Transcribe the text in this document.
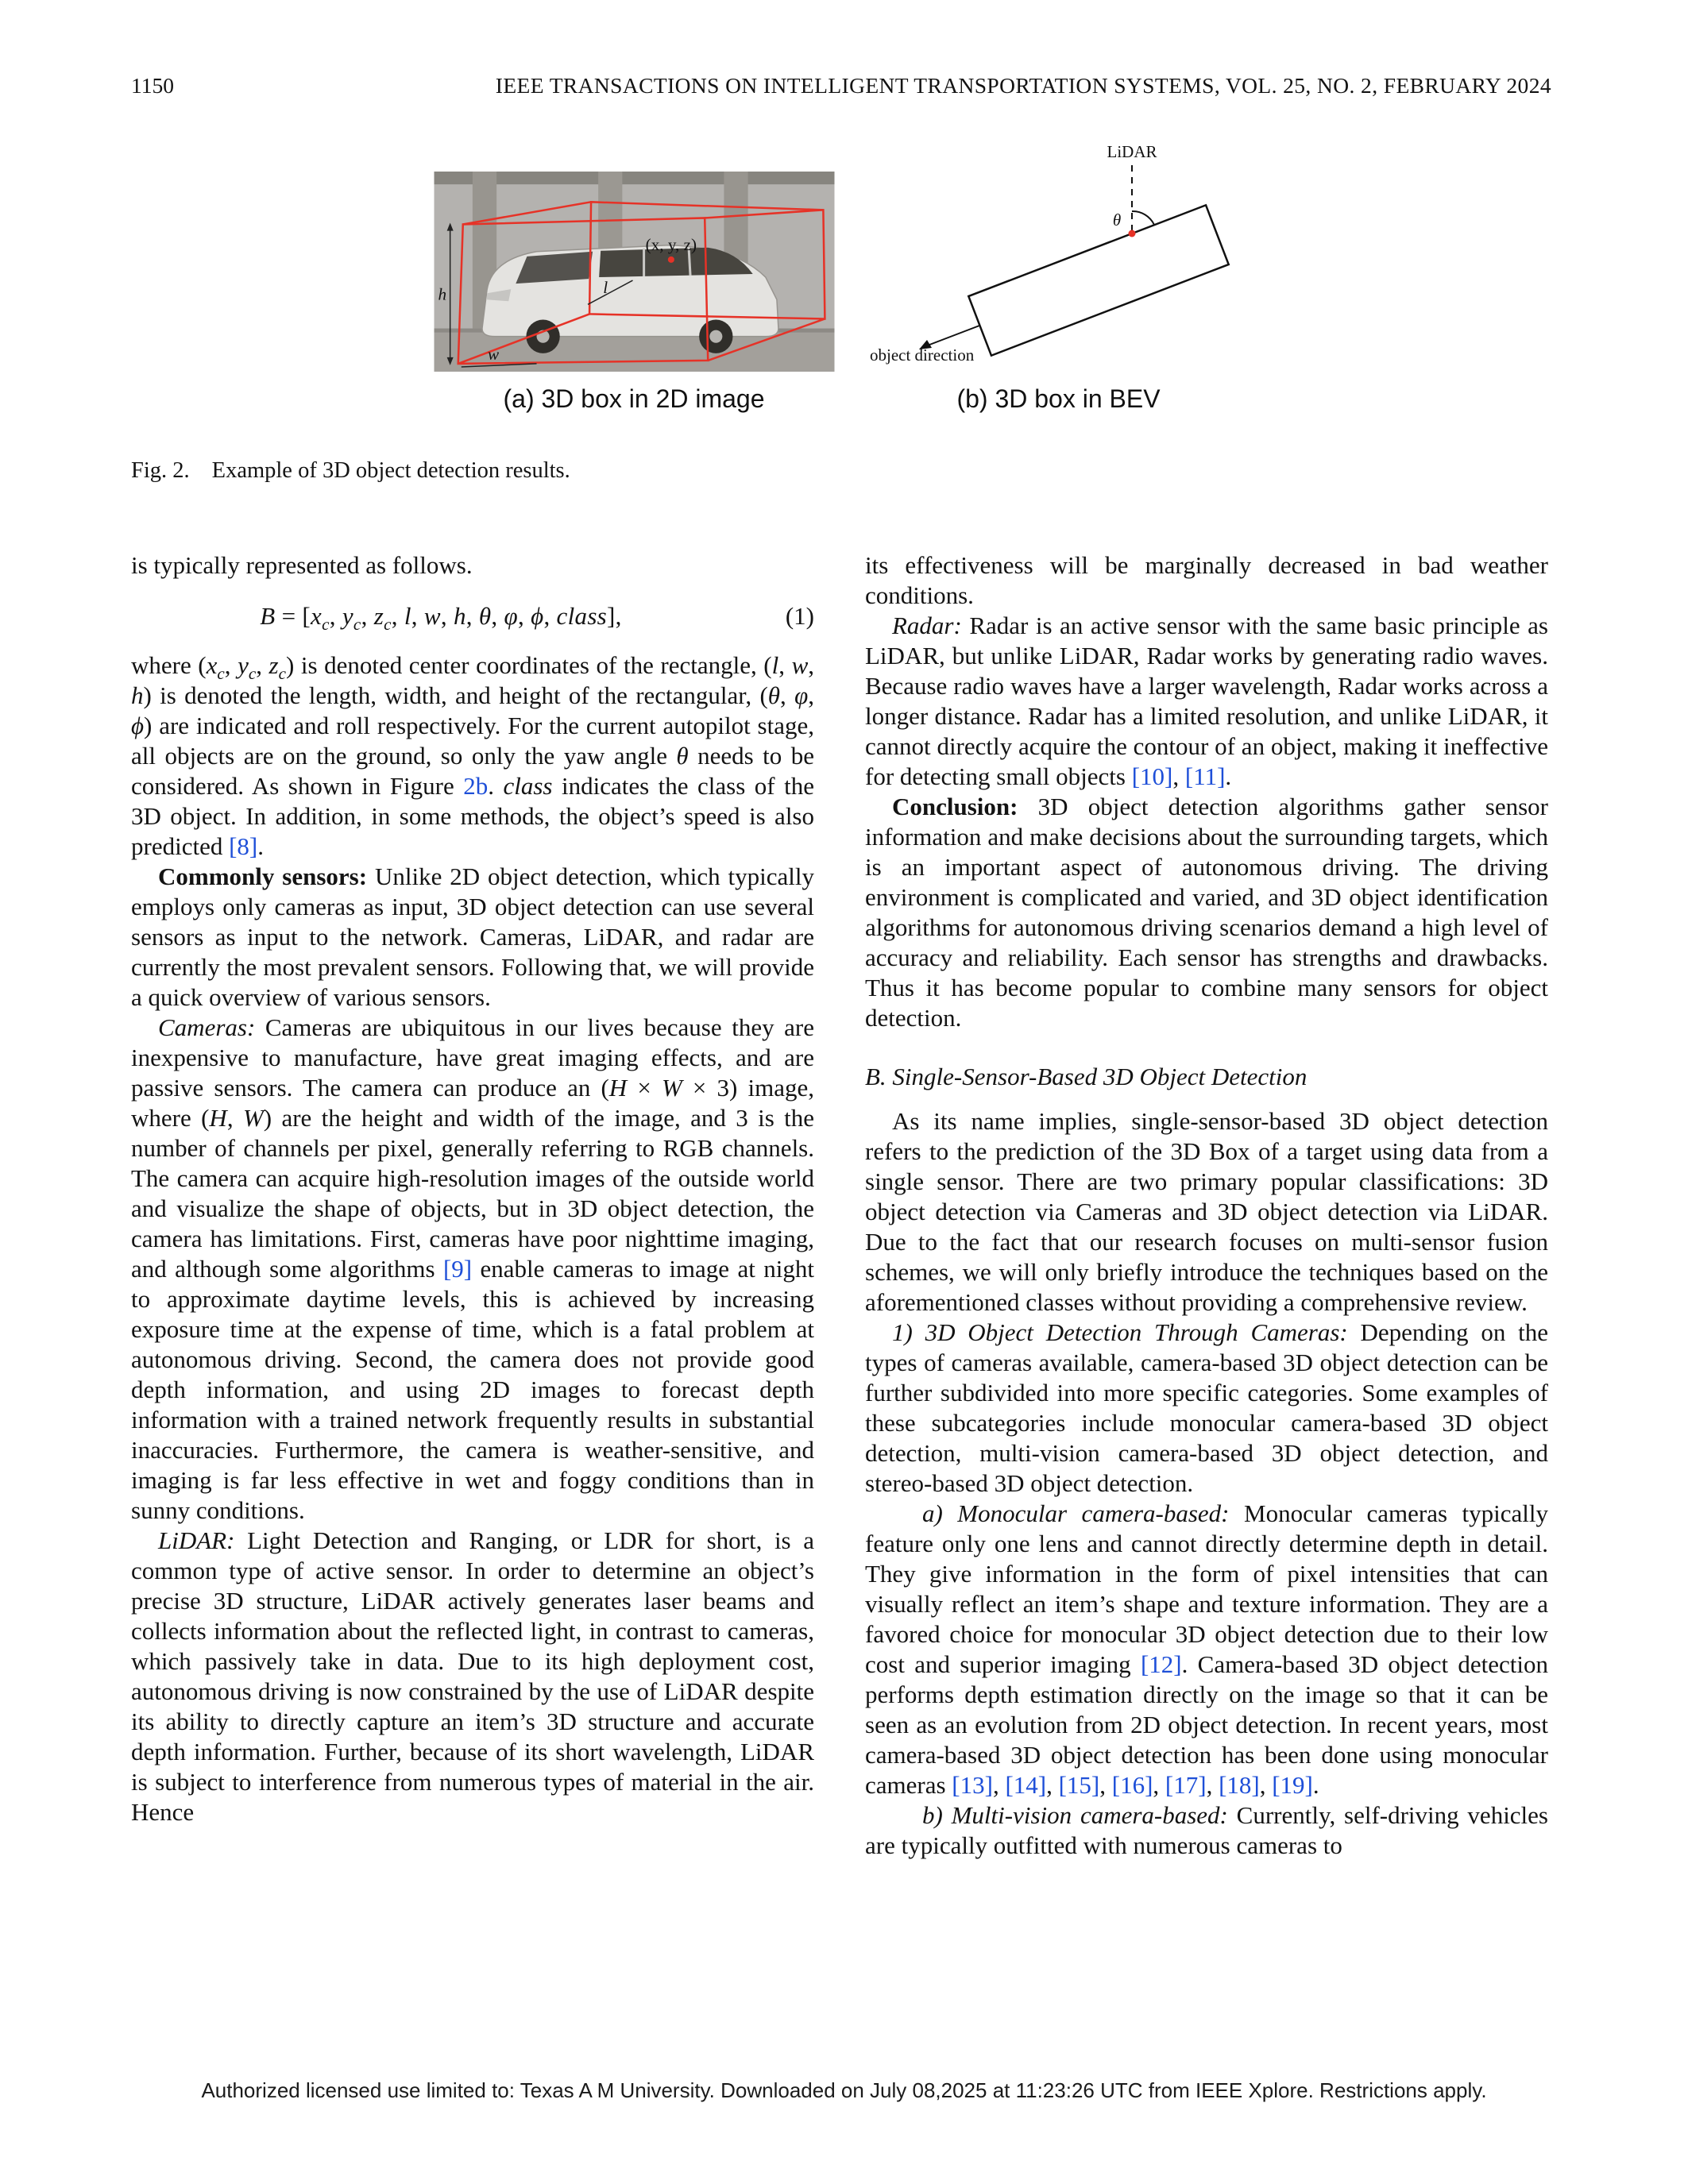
1150	IEEE TRANSACTIONS ON INTELLIGENT TRANSPORTATION SYSTEMS, VOL. 25, NO. 2, FEBRUARY 2024
(x, y, z)
h
w
l
(a) 3D box in 2D image
LiDAR
θ
object direction
(b) 3D box in BEV
Fig. 2. Example of 3D object detection results.

is typically represented as follows.

$B = [x_c$, $y_c$, $z_c$, l, w, h, θ, φ, ϕ, class],	(1)

where ($x_c$, $y_c$, $z_c$) is denoted center coordinates of the rectangle, (l, w, h) is denoted the length, width, and height of the rectangular, (θ, φ, ϕ) are indicated and roll respectively. For the current autopilot stage, all objects are on the ground, so only the yaw angle θ needs to be considered. As shown in Figure 2b. class indicates the class of the 3D object. In addition, in some methods, the object’s speed is also predicted [8].

Commonly sensors: Unlike 2D object detection, which typically employs only cameras as input, 3D object detection can use several sensors as input to the network. Cameras, LiDAR, and radar are currently the most prevalent sensors. Following that, we will provide a quick overview of various sensors.

Cameras: Cameras are ubiquitous in our lives because they are inexpensive to manufacture, have great imaging effects, and are passive sensors. The camera can produce an (H × W × 3) image, where (H, W) are the height and width of the image, and 3 is the number of channels per pixel, generally referring to RGB channels. The camera can acquire high-resolution images of the outside world and visualize the shape of objects, but in 3D object detection, the camera has limitations. First, cameras have poor nighttime imaging, and although some algorithms [9] enable cameras to image at night to approximate daytime levels, this is achieved by increasing exposure time at the expense of time, which is a fatal problem at autonomous driving. Second, the camera does not provide good depth information, and using 2D images to forecast depth information with a trained network frequently results in substantial inaccuracies. Furthermore, the camera is weather-sensitive, and imaging is far less effective in wet and foggy conditions than in sunny conditions.

LiDAR: Light Detection and Ranging, or LDR for short, is a common type of active sensor. In order to determine an object’s precise 3D structure, LiDAR actively generates laser beams and collects information about the reflected light, in contrast to cameras, which passively take in data. Due to its high deployment cost, autonomous driving is now constrained by the use of LiDAR despite its ability to directly capture an item’s 3D structure and accurate depth information. Further, because of its short wavelength, LiDAR is subject to interference from numerous types of material in the air. Hence

its effectiveness will be marginally decreased in bad weather conditions.

Radar: Radar is an active sensor with the same basic principle as LiDAR, but unlike LiDAR, Radar works by generating radio waves. Because radio waves have a larger wavelength, Radar works across a longer distance. Radar has a limited resolution, and unlike LiDAR, it cannot directly acquire the contour of an object, making it ineffective for detecting small objects [10], [11].

Conclusion: 3D object detection algorithms gather sensor information and make decisions about the surrounding targets, which is an important aspect of autonomous driving. The driving environment is complicated and varied, and 3D object identification algorithms for autonomous driving scenarios demand a high level of accuracy and reliability. Each sensor has strengths and drawbacks. Thus it has become popular to combine many sensors for object detection.

B. Single-Sensor-Based 3D Object Detection

As its name implies, single-sensor-based 3D object detection refers to the prediction of the 3D Box of a target using data from a single sensor. There are two primary popular classifications: 3D object detection via Cameras and 3D object detection via LiDAR. Due to the fact that our research focuses on multi-sensor fusion schemes, we will only briefly introduce the techniques based on the aforementioned classes without providing a comprehensive review.

1) 3D Object Detection Through Cameras: Depending on the types of cameras available, camera-based 3D object detection can be further subdivided into more specific categories. Some examples of these subcategories include monocular camera-based 3D object detection, multi-vision camera-based 3D object detection, and stereo-based 3D object detection.

a) Monocular camera-based: Monocular cameras typically feature only one lens and cannot directly determine depth in detail. They give information in the form of pixel intensities that can visually reflect an item’s shape and texture information. They are a favored choice for monocular 3D object detection due to their low cost and superior imaging [12]. Camera-based 3D object detection performs depth estimation directly on the image so that it can be seen as an evolution from 2D object detection. In recent years, most camera-based 3D object detection has been done using monocular cameras [13], [14], [15], [16], [17], [18], [19].

b) Multi-vision camera-based: Currently, self-driving vehicles are typically outfitted with numerous cameras to

Authorized licensed use limited to: Texas A M University. Downloaded on July 08,2025 at 11:23:26 UTC from IEEE Xplore. Restrictions apply.
